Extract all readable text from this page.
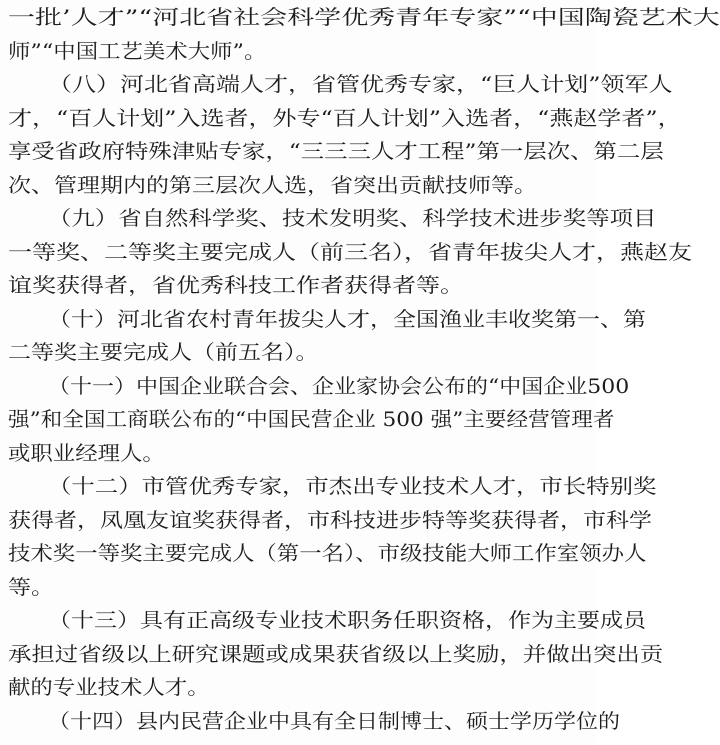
一批’人才”“河北省社会科学优秀青年专家”“中国陶瓷艺术大
师”“中国工艺美术大师”。
（八）河北省高端人才，省管优秀专家，“巨人计划”领军人
才，“百人计划”入选者，外专“百人计划”入选者，“燕赵学者”，
享受省政府特殊津贴专家，“三三三人才工程”第一层次、第二层
次、管理期内的第三层次人选，省突出贡献技师等。
（九）省自然科学奖、技术发明奖、科学技术进步奖等项目
一等奖、二等奖主要完成人（前三名），省青年拔尖人才，燕赵友
谊奖获得者，省优秀科技工作者获得者等。
（十）河北省农村青年拔尖人才，全国渔业丰收奖第一、第
二等奖主要完成人（前五名）。
（十一）中国企业联合会、企业家协会公布的“中国企业500
强”和全国工商联公布的“中国民营企业 500 强”主要经营管理者
或职业经理人。
（十二）市管优秀专家，市杰出专业技术人才，市长特别奖
获得者，凤凰友谊奖获得者，市科技进步特等奖获得者，市科学
技术奖一等奖主要完成人（第一名）、市级技能大师工作室领办人
等。
（十三）具有正高级专业技术职务任职资格，作为主要成员
承担过省级以上研究课题或成果获省级以上奖励，并做出突出贡
献的专业技术人才。
（十四）县内民营企业中具有全日制博士、硕士学历学位的
